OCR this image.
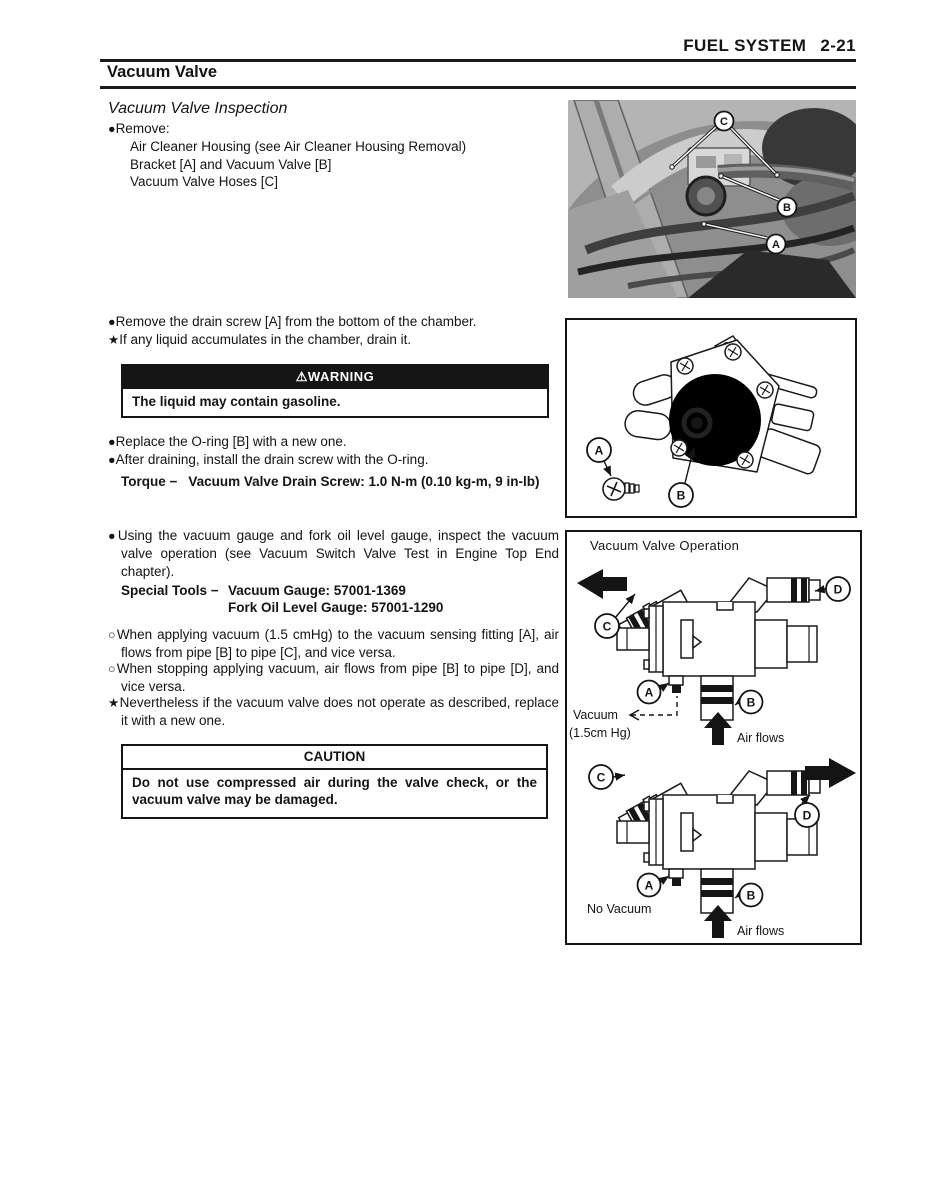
FUEL SYSTEM 2-21
Vacuum Valve
Vacuum Valve Inspection
●Remove:
Air Cleaner Housing (see Air Cleaner Housing Removal)
Bracket [A] and Vacuum Valve [B]
Vacuum Valve Hoses [C]
●Remove the drain screw [A] from the bottom of the chamber.
★If any liquid accumulates in the chamber, drain it.
⚠WARNING
The liquid may contain gasoline.
●Replace the O-ring [B] with a new one.
●After draining, install the drain screw with the O-ring.
Torque − Vacuum Valve Drain Screw: 1.0 N-m (0.10 kg-m, 9 in-lb)
●Using the vacuum gauge and fork oil level gauge, inspect the vacuum valve operation (see Vacuum Switch Valve Test in Engine Top End chapter).
Special Tools − Vacuum Gauge: 57001-1369
Fork Oil Level Gauge: 57001-1290
○When applying vacuum (1.5 cmHg) to the vacuum sensing fitting [A], air flows from pipe [B] to pipe [C], and vice versa.
○When stopping applying vacuum, air flows from pipe [B] to pipe [D], and vice versa.
★Nevertheless if the vacuum valve does not operate as described, replace it with a new one.
CAUTION
Do not use compressed air during the valve check, or the vacuum valve may be damaged.
C
B
A
A
B
Vacuum Valve Operation
C
D
A
B
Vacuum
(1.5cm Hg)	Air flows
C
D
A
B
No Vacuum
Air flows
